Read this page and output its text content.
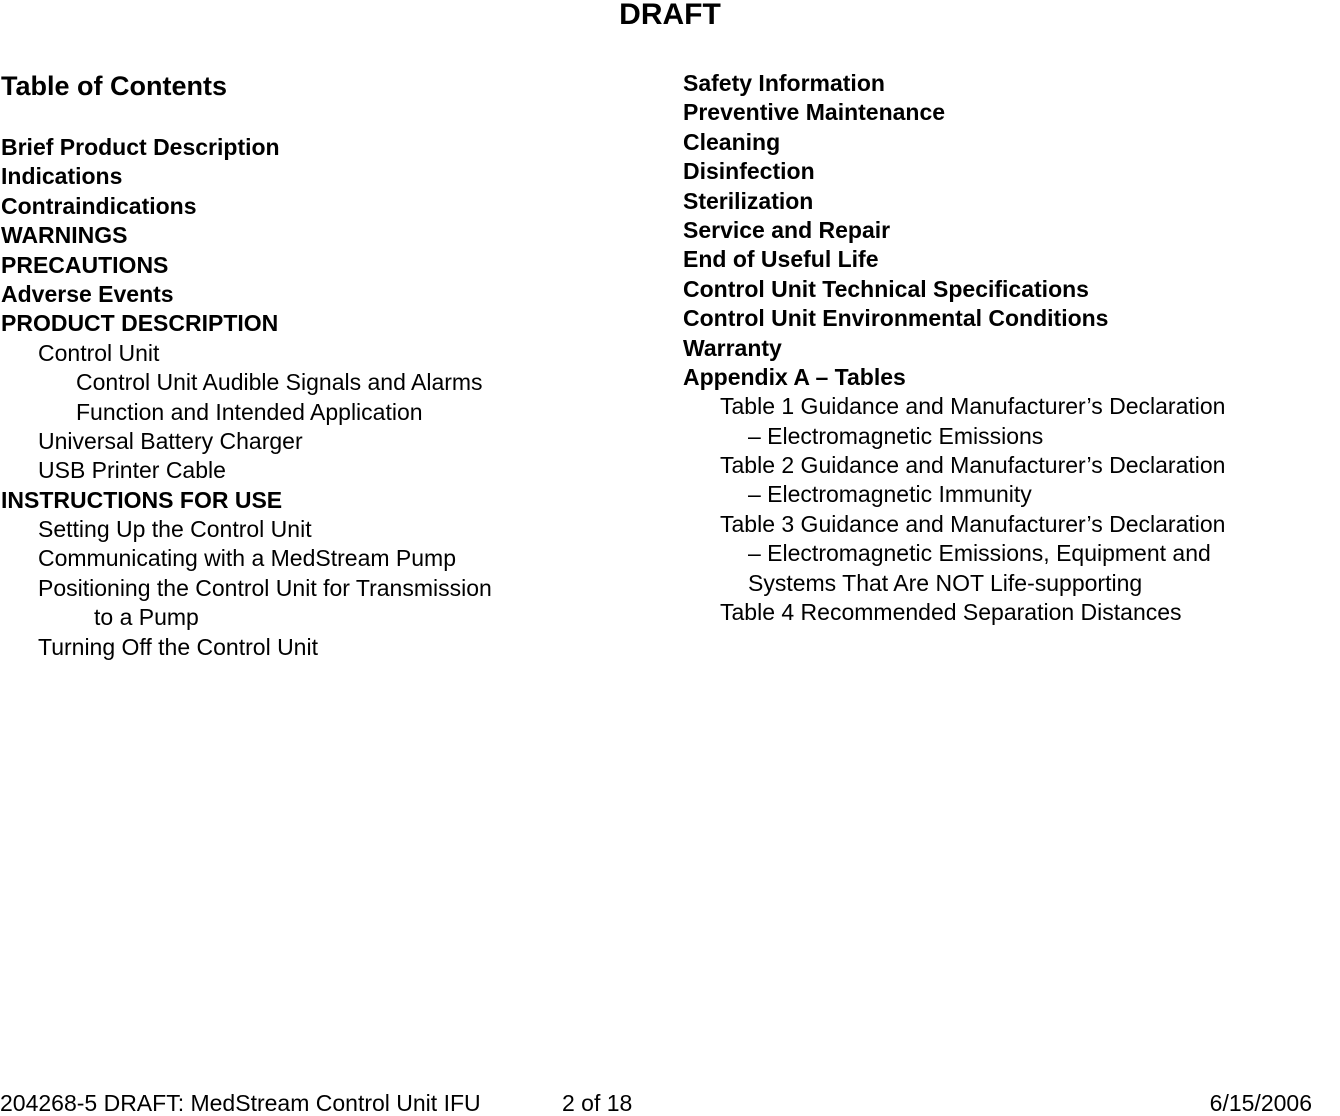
DRAFT
Table of Contents
Brief Product Description
Indications
Contraindications
WARNINGS
PRECAUTIONS
Adverse Events
PRODUCT DESCRIPTION
Control Unit
Control Unit Audible Signals and Alarms
Function and Intended Application
Universal Battery Charger
USB Printer Cable
INSTRUCTIONS FOR USE
Setting Up the Control Unit
Communicating with a MedStream Pump
Positioning the Control Unit for Transmission
to a Pump
Turning Off the Control Unit
Safety Information
Preventive Maintenance
Cleaning
Disinfection
Sterilization
Service and Repair
End of Useful Life
Control Unit Technical Specifications
Control Unit Environmental Conditions
Warranty
Appendix A – Tables
Table 1 Guidance and Manufacturer’s Declaration
– Electromagnetic Emissions
Table 2 Guidance and Manufacturer’s Declaration
– Electromagnetic Immunity
Table 3 Guidance and Manufacturer’s Declaration
– Electromagnetic Emissions, Equipment and
Systems That Are NOT Life-supporting
Table 4 Recommended Separation Distances
204268-5 DRAFT: MedStream Control Unit IFU	2 of 18	6/15/2006
